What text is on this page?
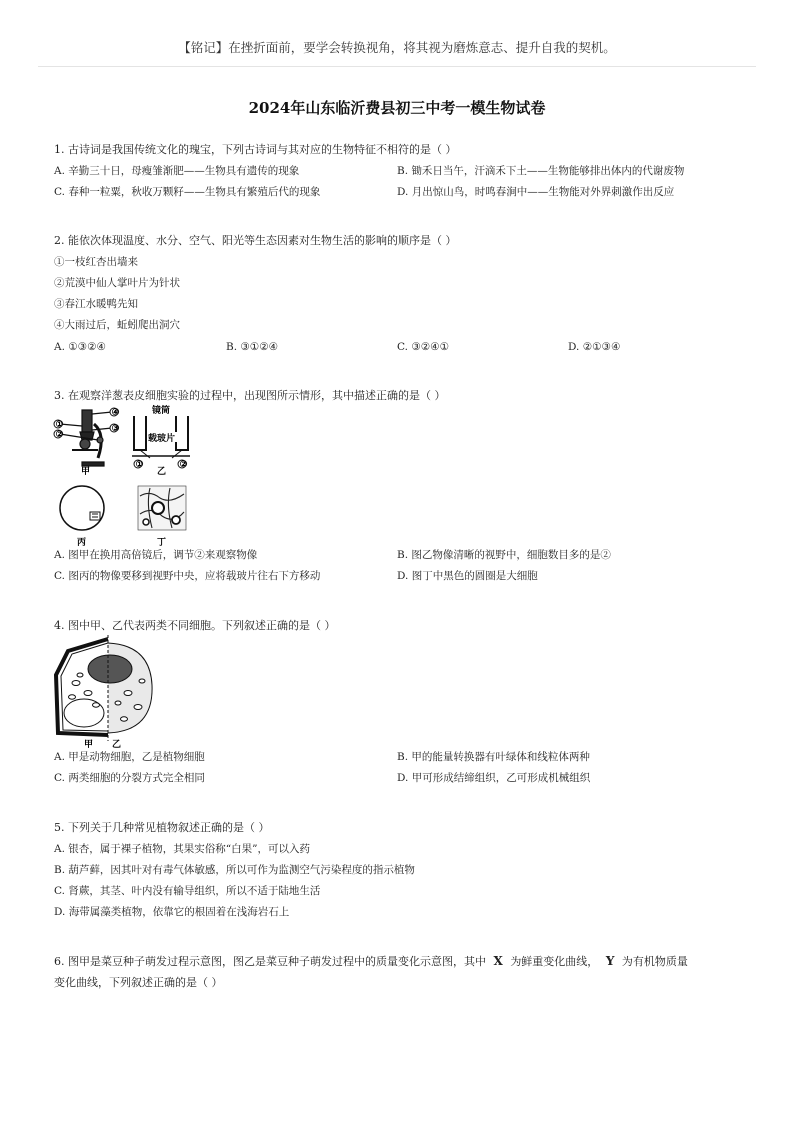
【铭记】在挫折面前，要学会转换视角，将其视为磨炼意志、提升自我的契机。
2024年山东临沂费县初三中考一模生物试卷
1. 古诗词是我国传统文化的瑰宝，下列古诗词与其对应的生物特征不相符的是（ ）
A. 辛勤三十日，母瘦雏渐肥——生物具有遗传的现象	B. 锄禾日当午，汗滴禾下土——生物能够排出体内的代谢废物
C. 春种一粒粟，秋收万颗籽——生物具有繁殖后代的现象	D. 月出惊山鸟，时鸣春涧中——生物能对外界刺激作出反应
2. 能依次体现温度、水分、空气、阳光等生态因素对生物生活的影响的顺序是（ ）
①一枝红杏出墙来
②荒漠中仙人掌叶片为针状
③春江水暖鸭先知
④大雨过后，蚯蚓爬出洞穴
A. ①③②④	B. ③①②④	C. ③②④①	D. ②①③④
3. 在观察洋葱表皮细胞实验的过程中，出现图所示情形，其中描述正确的是（ ）
④
③
①
②
甲
镜筒
载玻片
①	②
乙
丙	丁
A. 图甲在换用高倍镜后，调节②来观察物像	B. 图乙物像清晰的视野中，细胞数目多的是②
C. 图丙的物像要移到视野中央，应将载玻片往右下方移动	D. 图丁中黑色的圆圈是大细胞
4. 图中甲、乙代表两类不同细胞。下列叙述正确的是（ ）
甲 乙
A. 甲是动物细胞，乙是植物细胞	B. 甲的能量转换器有叶绿体和线粒体两种
C. 两类细胞的分裂方式完全相同	D. 甲可形成结缔组织，乙可形成机械组织
5. 下列关于几种常见植物叙述正确的是（ ）
A. 银杏，属于裸子植物，其果实俗称“白果”，可以入药
B. 葫芦藓，因其叶对有毒气体敏感，所以可作为监测空气污染程度的指示植物
C. 肾蕨，其茎、叶内没有输导组织，所以不适于陆地生活
D. 海带属藻类植物，依靠它的根固着在浅海岩石上
6. 图甲是菜豆种子萌发过程示意图，图乙是菜豆种子萌发过程中的质量变化示意图，其中 X 为鲜重变化曲线， Y 为有机物质量
变化曲线，下列叙述正确的是（ ）
